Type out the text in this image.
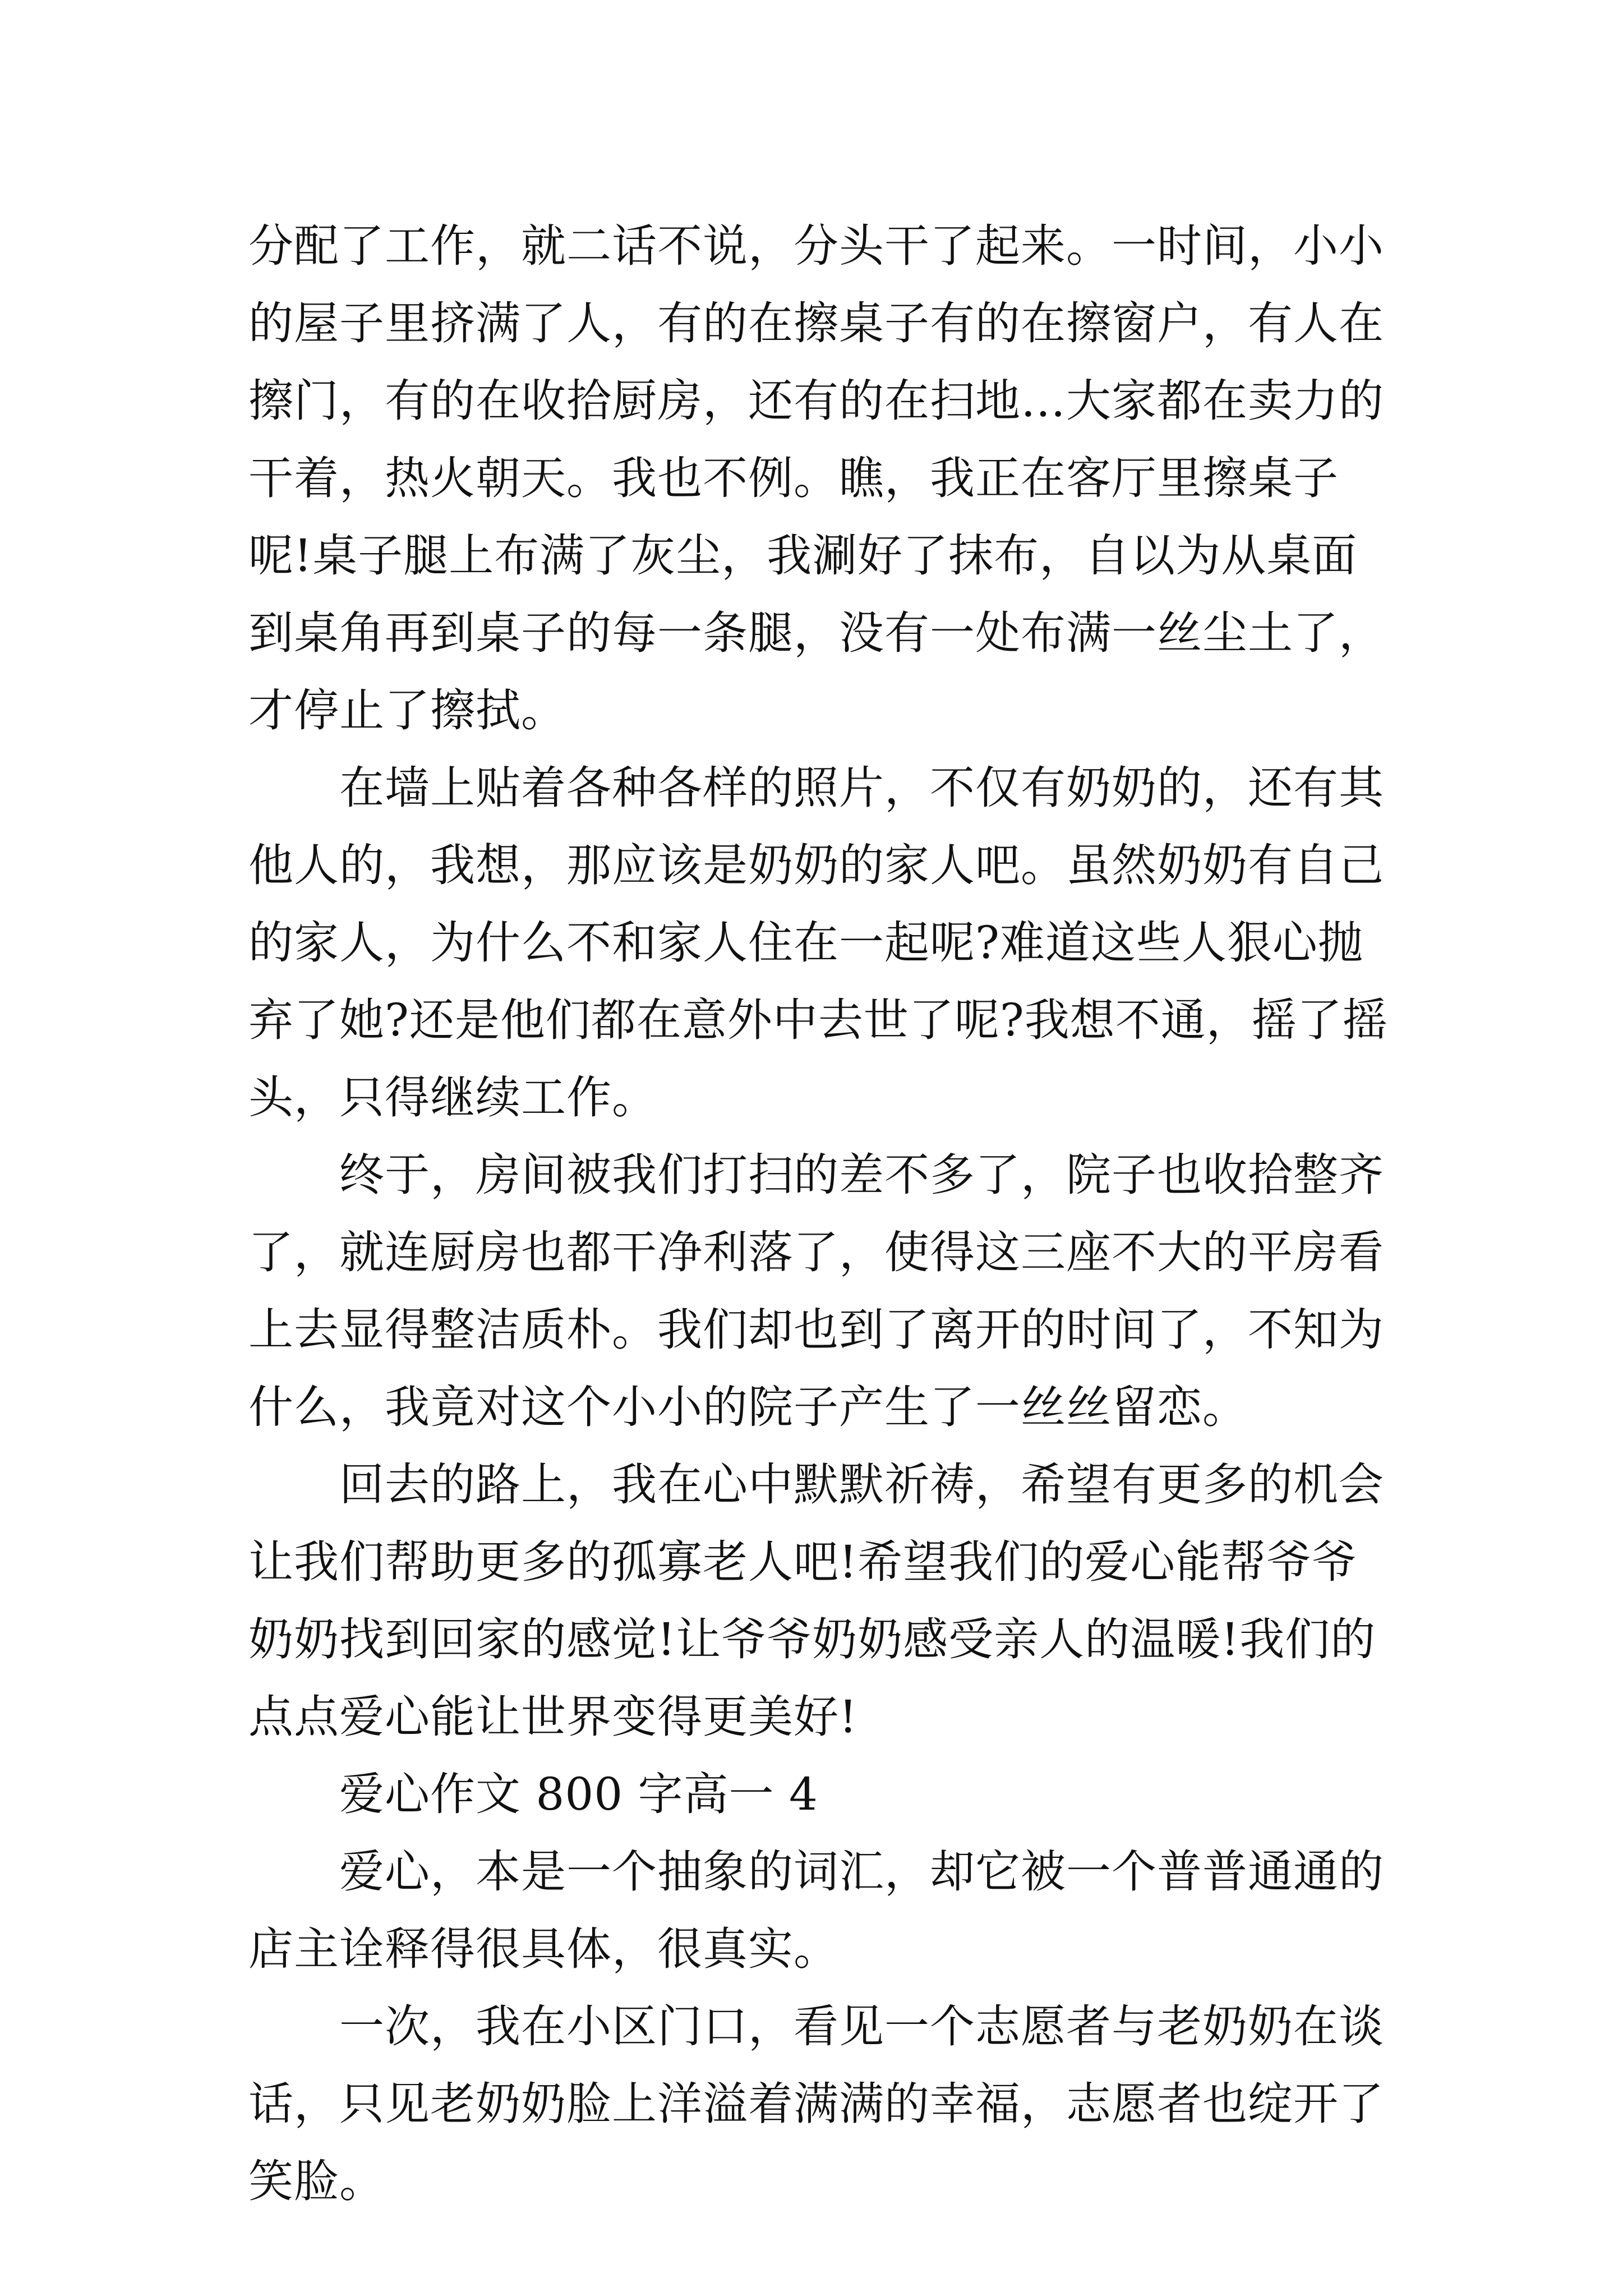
分配了工作，就二话不说，分头干了起来。一时间，小小的屋子里挤满了人，有的在擦桌子有的在擦窗户，有人在擦门，有的在收拾厨房，还有的在扫地…大家都在卖力的干着，热火朝天。我也不例。瞧，我正在客厅里擦桌子呢!桌子腿上布满了灰尘，我涮好了抹布，自以为从桌面到桌角再到桌子的每一条腿，没有一处布满一丝尘土了，才停止了擦拭。

　　在墙上贴着各种各样的照片，不仅有奶奶的，还有其他人的，我想，那应该是奶奶的家人吧。虽然奶奶有自己的家人，为什么不和家人住在一起呢?难道这些人狠心抛弃了她?还是他们都在意外中去世了呢?我想不通，摇了摇头，只得继续工作。

　　终于，房间被我们打扫的差不多了，院子也收拾整齐了，就连厨房也都干净利落了，使得这三座不大的平房看上去显得整洁质朴。我们却也到了离开的时间了，不知为什么，我竟对这个小小的院子产生了一丝丝留恋。

　　回去的路上，我在心中默默祈祷，希望有更多的机会让我们帮助更多的孤寡老人吧!希望我们的爱心能帮爷爷奶奶找到回家的感觉!让爷爷奶奶感受亲人的温暖!我们的点点爱心能让世界变得更美好!

　　爱心作文 800 字高一 4

　　爱心，本是一个抽象的词汇，却它被一个普普通通的店主诠释得很具体，很真实。

　　一次，我在小区门口，看见一个志愿者与老奶奶在谈话，只见老奶奶脸上洋溢着满满的幸福，志愿者也绽开了笑脸。
